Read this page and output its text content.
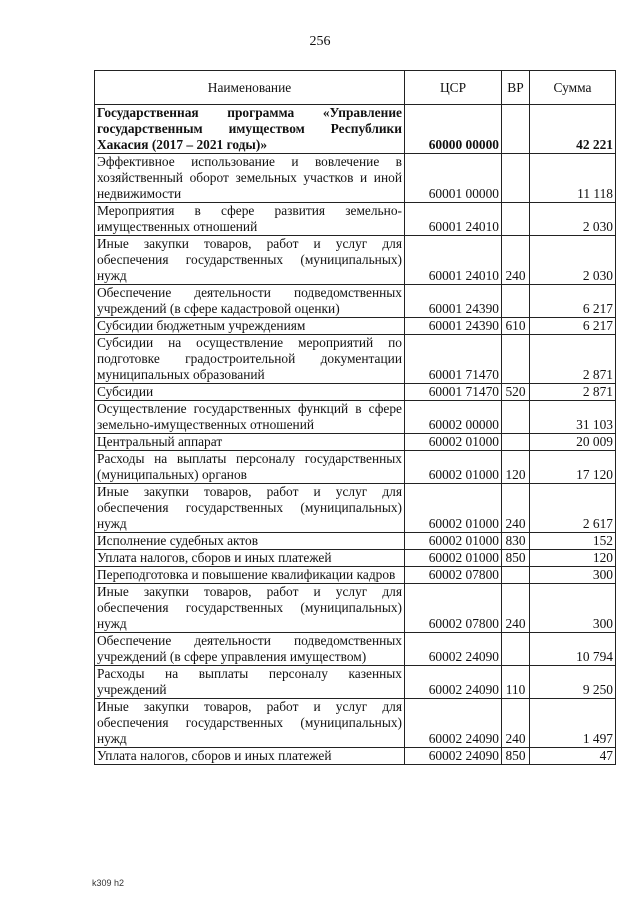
256
Наименование	ЦСР	ВР	Сумма
Государственная программа «Управление государственным имуществом Республики Хакасия (2017 – 2021 годы)»	60000 00000		42 221
Эффективное использование и вовлечение в хозяйственный оборот земельных участков и иной недвижимости	60001 00000		11 118
Мероприятия в сфере развития земельно-имущественных отношений	60001 24010		2 030
Иные закупки товаров, работ и услуг для обеспечения государственных (муниципальных) нужд	60001 24010	240	2 030
Обеспечение деятельности подведомственных учреждений (в сфере кадастровой оценки)	60001 24390		6 217
Субсидии бюджетным учреждениям	60001 24390	610	6 217
Субсидии на осуществление мероприятий по подготовке градостроительной документации муниципальных образований	60001 71470		2 871
Субсидии	60001 71470	520	2 871
Осуществление государственных функций в сфере земельно-имущественных отношений	60002 00000		31 103
Центральный аппарат	60002 01000		20 009
Расходы на выплаты персоналу государственных (муниципальных) органов	60002 01000	120	17 120
Иные закупки товаров, работ и услуг для обеспечения государственных (муниципальных) нужд	60002 01000	240	2 617
Исполнение судебных актов	60002 01000	830	152
Уплата налогов, сборов и иных платежей	60002 01000	850	120
Переподготовка и повышение квалификации кадров	60002 07800		300
Иные закупки товаров, работ и услуг для обеспечения государственных (муниципальных) нужд	60002 07800	240	300
Обеспечение деятельности подведомственных учреждений (в сфере управления имуществом)	60002 24090		10 794
Расходы на выплаты персоналу казенных учреждений	60002 24090	110	9 250
Иные закупки товаров, работ и услуг для обеспечения государственных (муниципальных) нужд	60002 24090	240	1 497
Уплата налогов, сборов и иных платежей	60002 24090	850	47
k309 h2
